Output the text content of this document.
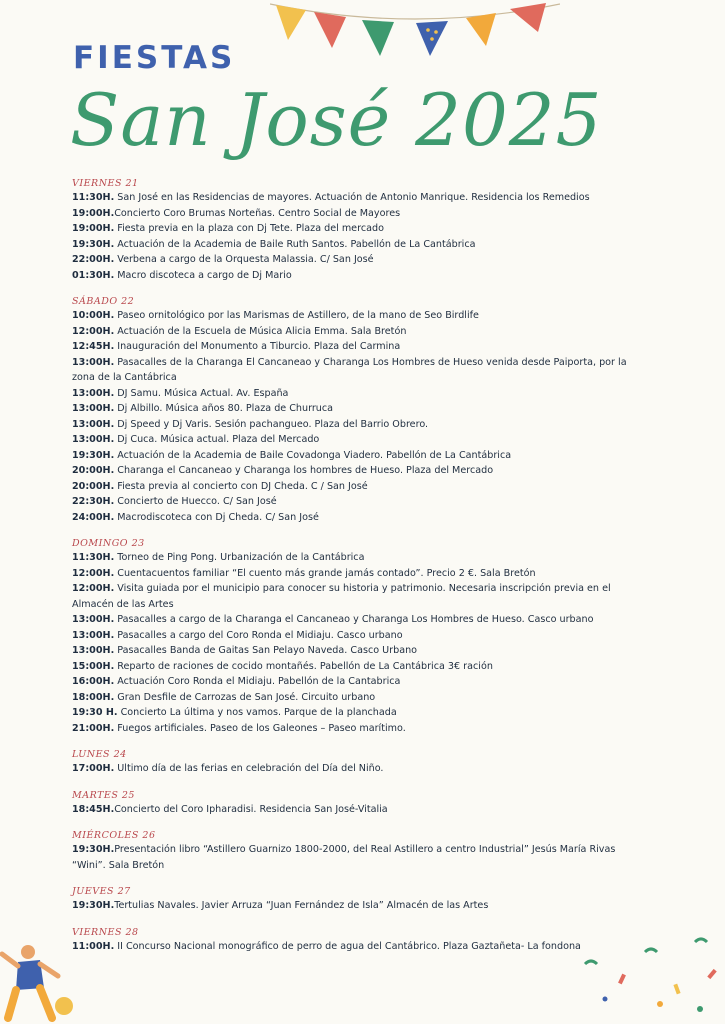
FIESTAS
San José 2025
VIERNES 21
11:30H. San José en las Residencias de mayores. Actuación de Antonio Manrique. Residencia los Remedios
19:00H.Concierto Coro Brumas Norteñas. Centro Social de Mayores
19:00H. Fiesta previa en la plaza con Dj Tete. Plaza del mercado
19:30H. Actuación de la Academia de Baile Ruth Santos. Pabellón de La Cantábrica
22:00H. Verbena a cargo de la Orquesta Malassia. C/ San José
01:30H. Macro discoteca a cargo de Dj Mario
SÁBADO 22
10:00H. Paseo ornitológico por las Marismas de Astillero, de la mano de Seo Birdlife
12:00H. Actuación de la Escuela de Música Alicia Emma. Sala Bretón
12:45H. Inauguración del Monumento a Tiburcio. Plaza del Carmina
13:00H. Pasacalles de la Charanga El Cancaneao y Charanga Los Hombres de Hueso venida desde Paiporta, por la zona de la Cantábrica
13:00H. DJ Samu. Música Actual. Av. España
13:00H. Dj Albillo. Música años 80. Plaza de Churruca
13:00H. Dj Speed y Dj Varis. Sesión pachangueo. Plaza del Barrio Obrero.
13:00H. Dj Cuca. Música actual. Plaza del Mercado
19:30H. Actuación de la Academia de Baile Covadonga Viadero. Pabellón de La Cantábrica
20:00H. Charanga el Cancaneao y Charanga los hombres de Hueso. Plaza del Mercado
20:00H. Fiesta previa al concierto con DJ Cheda. C / San José
22:30H. Concierto de Huecco. C/ San José
24:00H. Macrodiscoteca con Dj Cheda. C/ San José
DOMINGO 23
11:30H. Torneo de Ping Pong. Urbanización de la Cantábrica
12:00H. Cuentacuentos familiar “El cuento más grande jamás contado”. Precio 2 €. Sala Bretón
12:00H. Visita guiada por el municipio para conocer su historia y patrimonio. Necesaria inscripción previa en el Almacén de las Artes
13:00H. Pasacalles a cargo de la Charanga el Cancaneao y Charanga Los Hombres de Hueso. Casco urbano
13:00H. Pasacalles a cargo del Coro Ronda el Midiaju. Casco urbano
13:00H. Pasacalles Banda de Gaitas San Pelayo Naveda. Casco Urbano
15:00H. Reparto de raciones de cocido montañés. Pabellón de La Cantábrica 3€ ración
16:00H. Actuación Coro Ronda el Midiaju. Pabellón de la Cantabrica
18:00H. Gran Desfile de Carrozas de San José. Circuito urbano
19:30 H. Concierto La última y nos vamos. Parque de la planchada
21:00H. Fuegos artificiales. Paseo de los Galeones – Paseo marítimo.
LUNES 24
17:00H. Ultimo día de las ferias en celebración del Día del Niño.
MARTES 25
18:45H.Concierto del Coro Ipharadisi. Residencia San José-Vitalia
MIÉRCOLES 26
19:30H.Presentación libro “Astillero Guarnizo 1800-2000, del Real Astillero a centro Industrial” Jesús María Rivas “Wini”. Sala Bretón
JUEVES 27
19:30H.Tertulias Navales. Javier Arruza “Juan Fernández de Isla” Almacén de las Artes
VIERNES 28
11:00H. II Concurso Nacional monográfico de perro de agua del Cantábrico. Plaza Gaztañeta- La fondona
